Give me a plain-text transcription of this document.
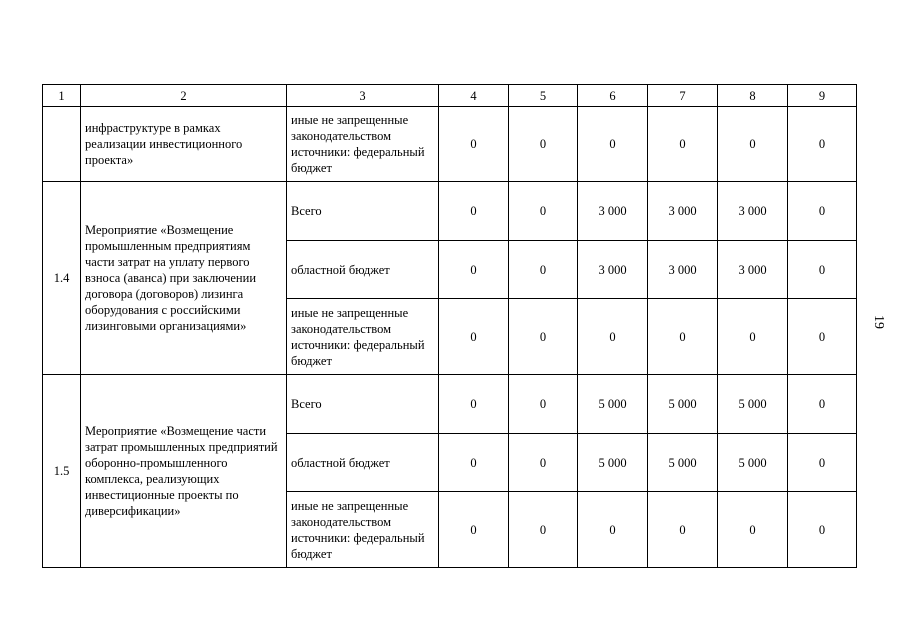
1	2	3	4	5	6	7	8	9
	инфраструктуре в рамках реализации инвестиционного проекта»	иные не запрещенные законодательством источники: федеральный бюджет	0	0	0	0	0	0
1.4	Мероприятие «Возмещение промышленным предприятиям части затрат на уплату первого взноса (аванса) при заключении договора (договоров) лизинга оборудования с российскими лизинговыми организациями»	Всего	0	0	3 000	3 000	3 000	0
		областной бюджет	0	0	3 000	3 000	3 000	0
		иные не запрещенные законодательством источники: федеральный бюджет	0	0	0	0	0	0
1.5	Мероприятие «Возмещение части затрат промышленных предприятий оборонно-промышленного комплекса, реализующих инвестиционные проекты по диверсификации»	Всего	0	0	5 000	5 000	5 000	0
		областной бюджет	0	0	5 000	5 000	5 000	0
		иные не запрещенные законодательством источники: федеральный бюджет	0	0	0	0	0	0
19
